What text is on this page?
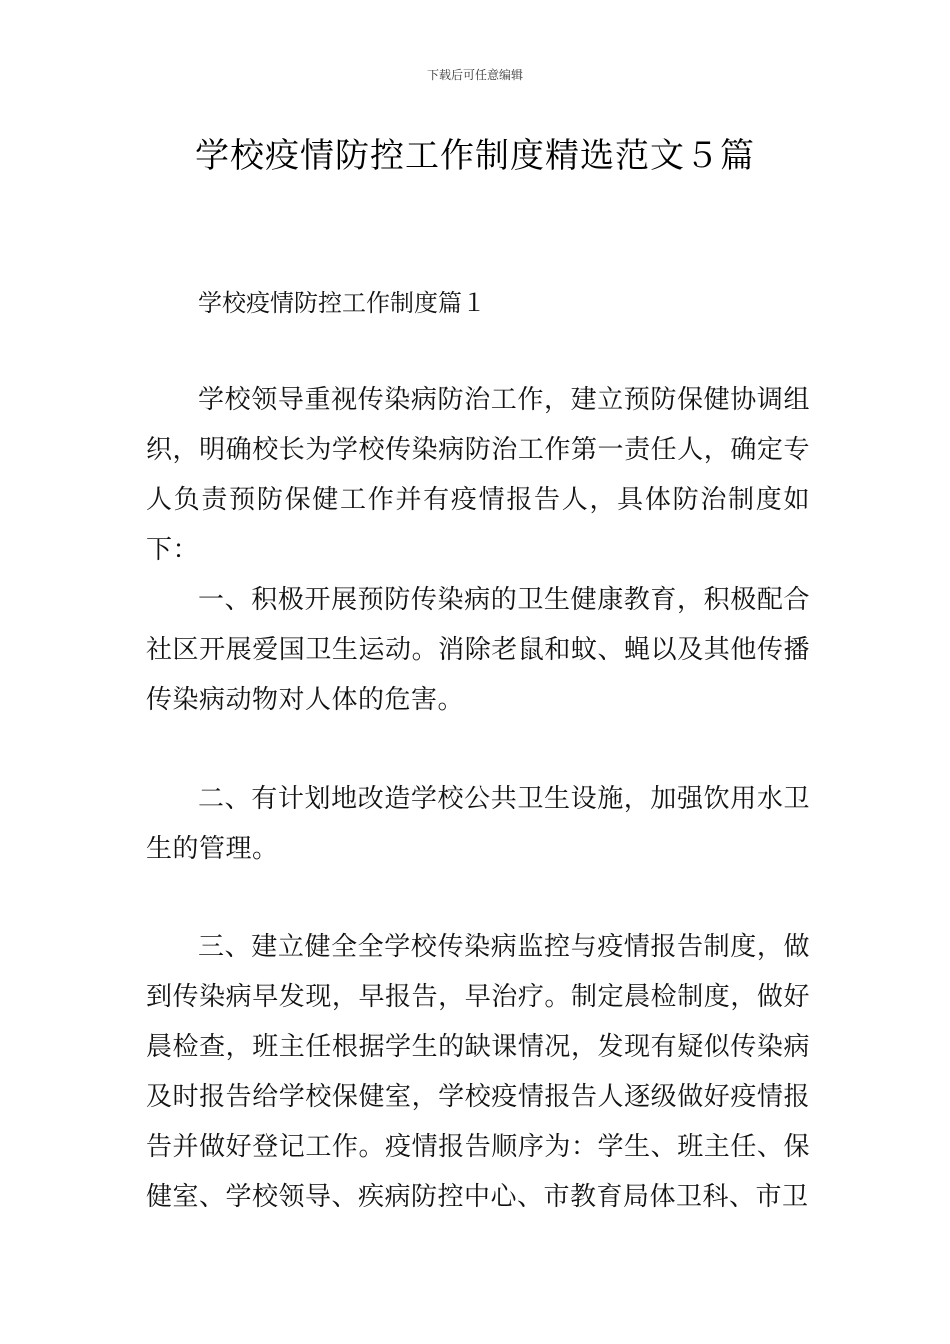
下载后可任意编辑
学校疫情防控工作制度精选范文５篇
学校疫情防控工作制度篇１

学校领导重视传染病防治工作，建立预防保健协调组织，明确校长为学校传染病防治工作第一责任人，确定专人负责预防保健工作并有疫情报告人，具体防治制度如下：

一、积极开展预防传染病的卫生健康教育，积极配合社区开展爱国卫生运动。消除老鼠和蚊、蝇以及其他传播传染病动物对人体的危害。

二、有计划地改造学校公共卫生设施，加强饮用水卫生的管理。

三、建立健全全学校传染病监控与疫情报告制度，做到传染病早发现，早报告，早治疗。制定晨检制度，做好晨检查，班主任根据学生的缺课情况，发现有疑似传染病及时报告给学校保健室，学校疫情报告人逐级做好疫情报告并做好登记工作。疫情报告顺序为：学生、班主任、保健室、学校领导、疾病防控中心、市教育局体卫科、市卫
